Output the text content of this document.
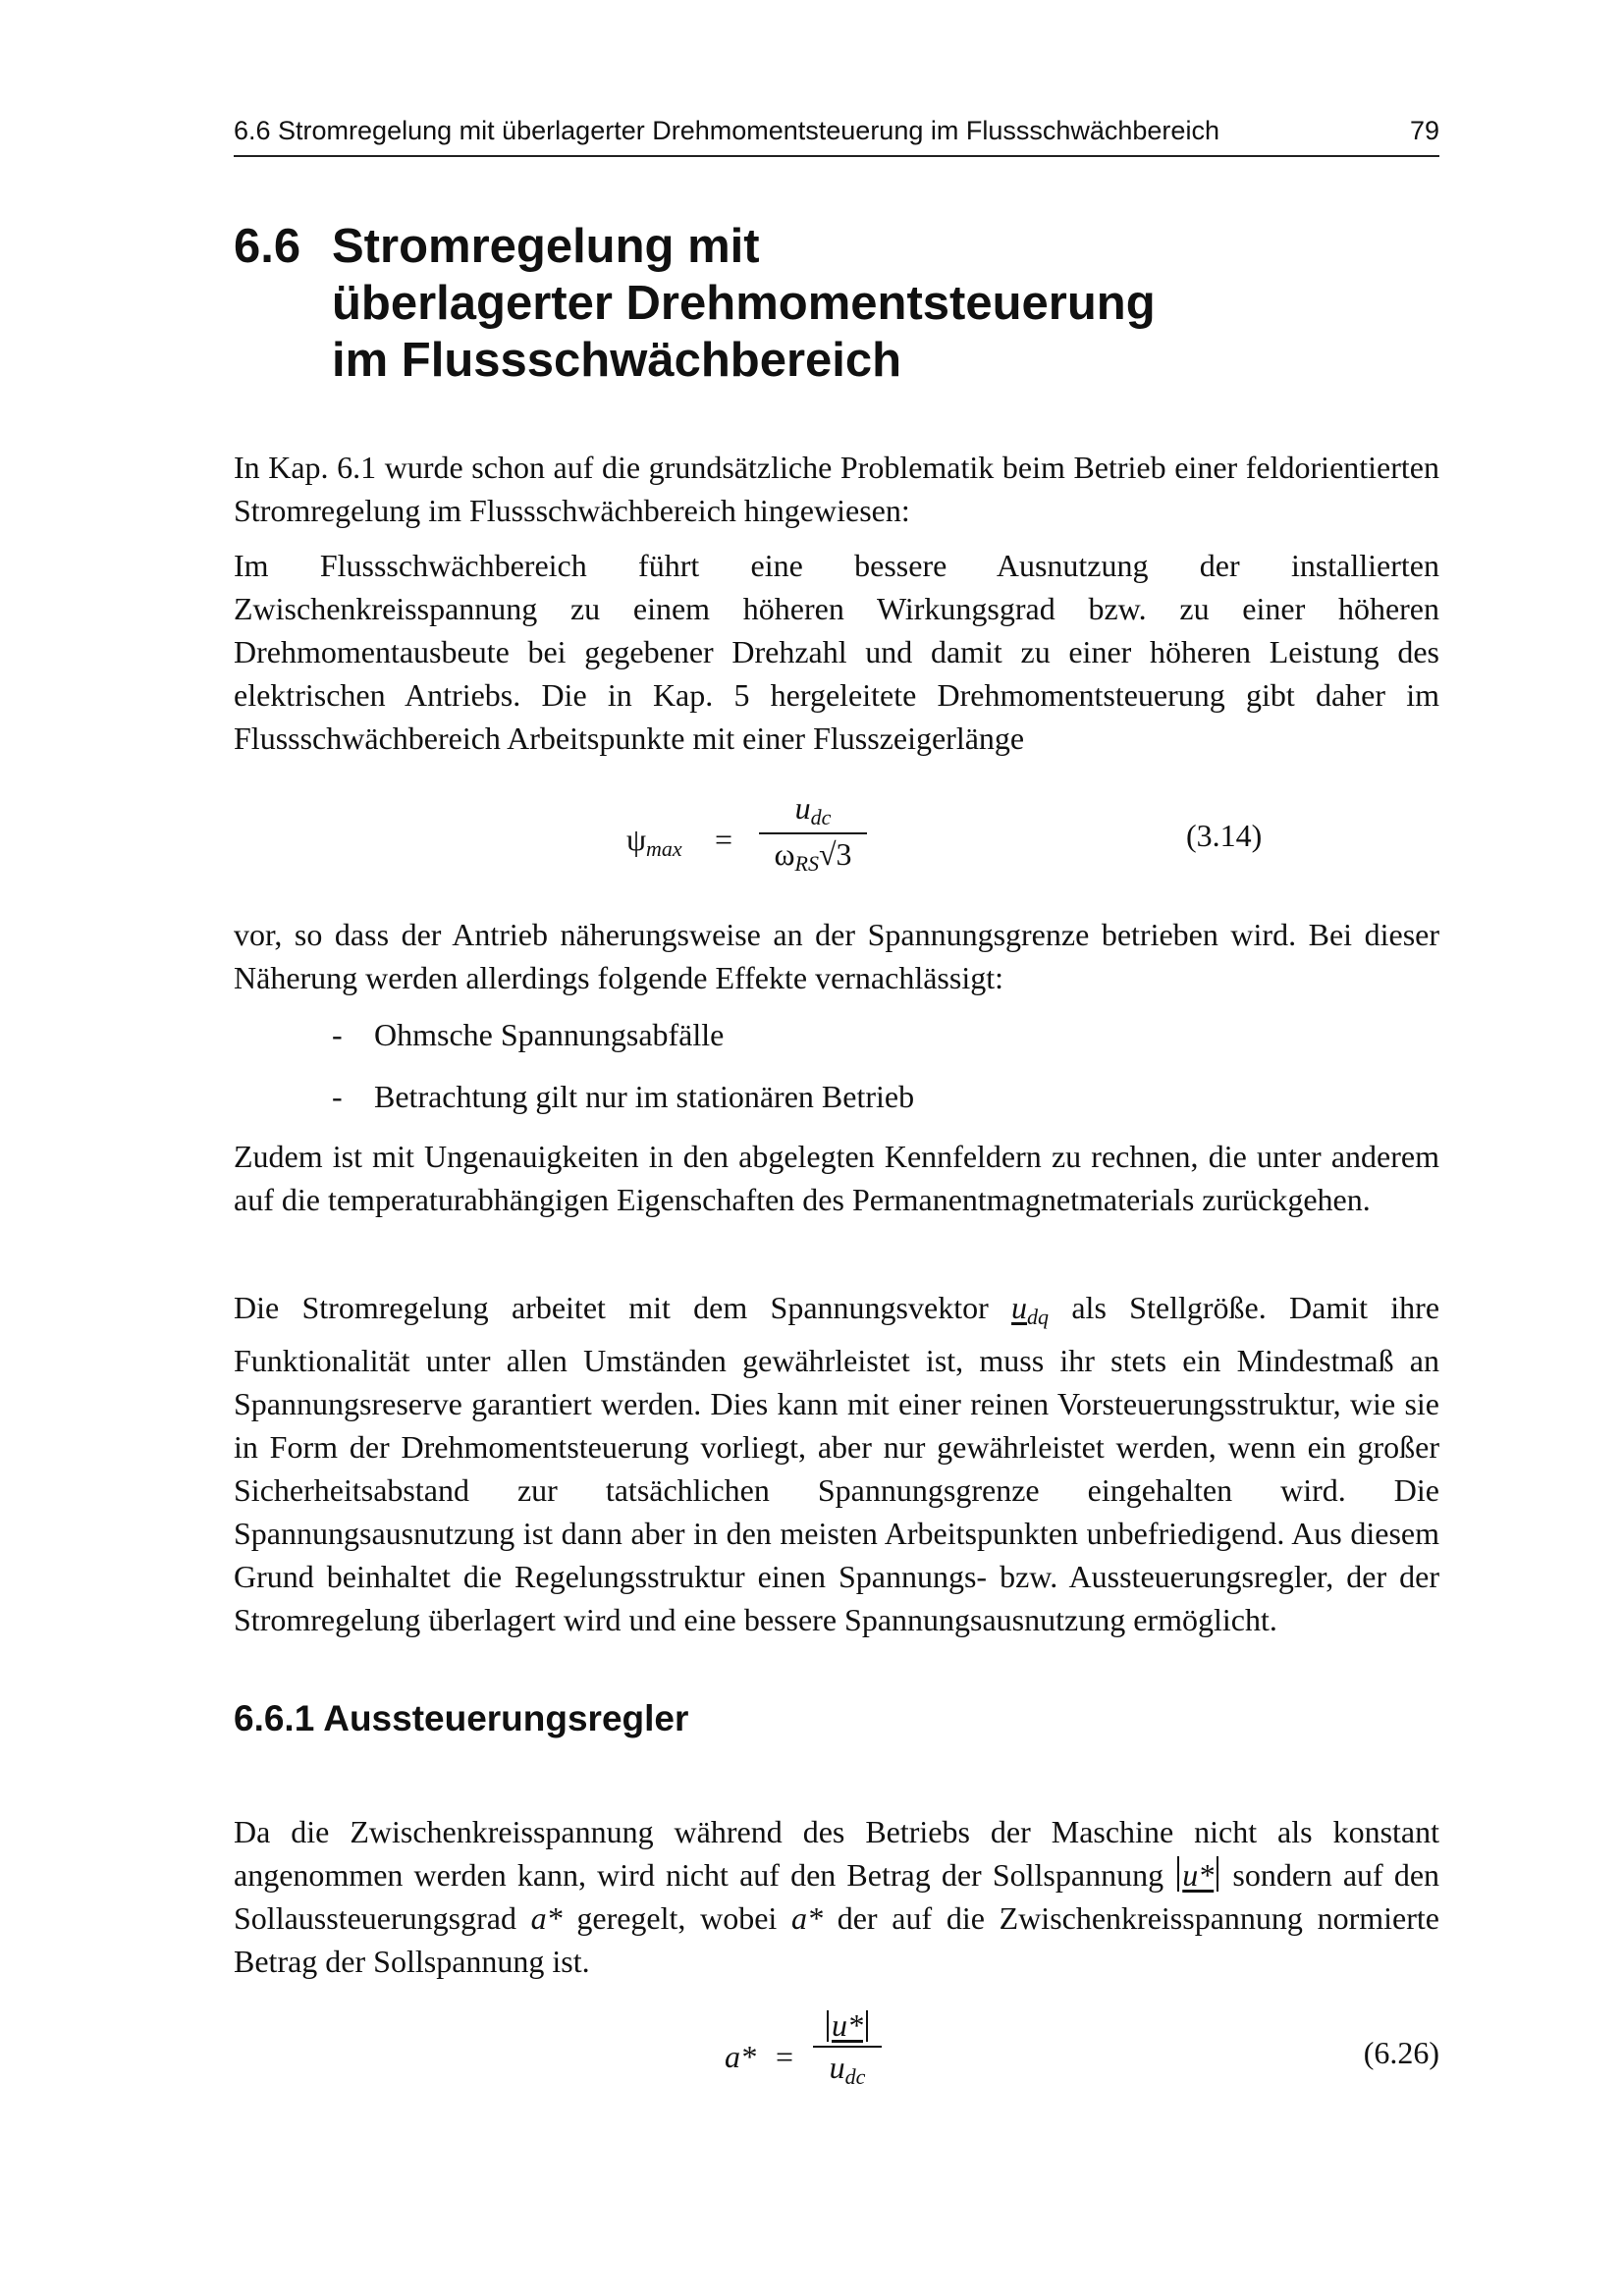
6.6 Stromregelung mit überlagerter Drehmomentsteuerung im Flussschwächbereich	79
6.6 Stromregelung mit
überlagerter Drehmomentsteuerung
im Flussschwächbereich

In Kap. 6.1 wurde schon auf die grundsätzliche Problematik beim Betrieb einer feldorientierten Stromregelung im Flussschwächbereich hingewiesen:

Im Flussschwächbereich führt eine bessere Ausnutzung der installierten Zwischenkreisspannung zu einem höheren Wirkungsgrad bzw. zu einer höheren Drehmomentausbeute bei gegebener Drehzahl und damit zu einer höheren Leistung des elektrischen Antriebs. Die in Kap. 5 hergeleitete Drehmomentsteuerung gibt daher im Flussschwächbereich Arbeitspunkte mit einer Flusszeigerlänge

$\psi_{max}$ =
$u_{dc}$
$\omega_{RS}√3$
(3.14)

vor, so dass der Antrieb näherungsweise an der Spannungsgrenze betrieben wird. Bei dieser Näherung werden allerdings folgende Effekte vernachlässigt:

- Ohmsche Spannungsabfälle
- Betrachtung gilt nur im stationären Betrieb

Zudem ist mit Ungenauigkeiten in den abgelegten Kennfeldern zu rechnen, die unter anderem auf die temperaturabhängigen Eigenschaften des Permanentmagnetmaterials zurückgehen.

Die Stromregelung arbeitet mit dem Spannungsvektor $u_{dq}$ als Stellgröße. Damit ihre Funktionalität unter allen Umständen gewährleistet ist, muss ihr stets ein Mindestmaß an Spannungsreserve garantiert werden. Dies kann mit einer reinen Vorsteuerungsstruktur, wie sie in Form der Drehmomentsteuerung vorliegt, aber nur gewährleistet werden, wenn ein großer Sicherheitsabstand zur tatsächlichen Spannungsgrenze eingehalten wird. Die Spannungsausnutzung ist dann aber in den meisten Arbeitspunkten unbefriedigend. Aus diesem Grund beinhaltet die Regelungsstruktur einen Spannungs- bzw. Aussteuerungsregler, der der Stromregelung überlagert wird und eine bessere Spannungsausnutzung ermöglicht.

6.6.1 Aussteuerungsregler

Da die Zwischenkreisspannung während des Betriebs der Maschine nicht als konstant angenommen werden kann, wird nicht auf den Betrag der Sollspannung u* sondern auf den Sollaussteuerungsgrad a* geregelt, wobei a* der auf die Zwischenkreisspannung normierte Betrag der Sollspannung ist.

a* =
u*
$u_{dc}$
(6.26)
